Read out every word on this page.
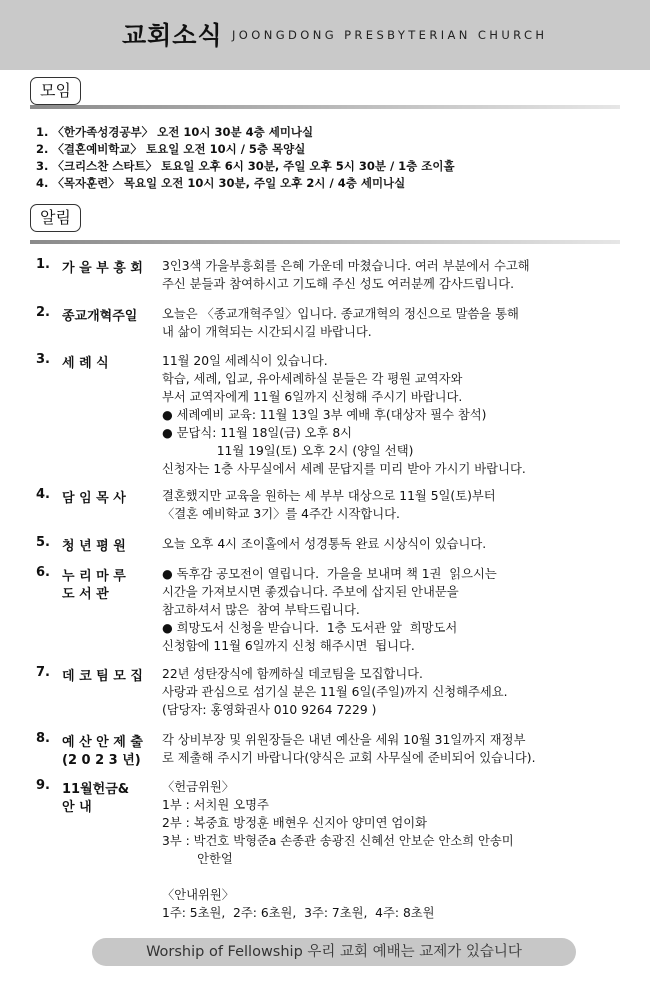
교회소식 JOONGDONG PRESBYTERIAN CHURCH
모임
1. 〈한가족성경공부〉 오전 10시 30분 4층 세미나실
2. 〈결혼예비학교〉 토요일 오전 10시 / 5층 목양실
3. 〈크리스찬 스타트〉 토요일 오후 6시 30분, 주일 오후 5시 30분 / 1층 조이홀
4. 〈목자훈련〉 목요일 오전 10시 30분, 주일 오후 2시 / 4층 세미나실
알림
1. 가 을 부 흥 회 3인3색 가을부흥회를 은혜 가운데 마쳤습니다. 여러 부분에서 수고해
주신 분들과 참여하시고 기도해 주신 성도 여러분께 감사드립니다.
2. 종교개혁주일 오늘은 〈종교개혁주일〉입니다. 종교개혁의 정신으로 말씀을 통해
내 삶이 개혁되는 시간되시길 바랍니다.
3. 세 례 식	11월 20일 세례식이 있습니다.
학습, 세례, 입교, 유아세례하실 분들은 각 평원 교역자와
부서 교역자에게 11월 6일까지 신청해 주시기 바랍니다.
● 세례예비 교육: 11월 13일 3부 예배 후(대상자 필수 참석)
● 문답식: 11월 18일(금) 오후 8시
11월 19일(토) 오후 2시 (양일 선택)
신청자는 1층 사무실에서 세례 문답지를 미리 받아 가시기 바랍니다.
4. 담 임 목 사	결혼했지만 교육을 원하는 세 부부 대상으로 11월 5일(토)부터
〈결혼 예비학교 3기〉를 4주간 시작합니다.
5. 청 년 평 원	오늘 오후 4시 조이홀에서 성경통독 완료 시상식이 있습니다.
6. 누 리 마 루
도 서 관
● 독후감 공모전이 열립니다.  가을을 보내며 책 1권  읽으시는
시간을 가져보시면 좋겠습니다. 주보에 삽지된 안내문을
참고하셔서 많은  참여 부탁드립니다.
● 희망도서 신청을 받습니다.  1층 도서관 앞  희망도서
신청함에 11월 6일까지 신청 해주시면  됩니다.
7. 데 코 팀 모 집 22년 성탄장식에 함께하실 데코팀을 모집합니다.
사랑과 관심으로 섬기실 분은 11월 6일(주일)까지 신청해주세요.
(담당자: 홍영화권사 010 9264 7229 )
8. 예 산 안 제 출
(2 0 2 3 년)
각 상비부장 및 위원장들은 내년 예산을 세워 10월 31일까지 재정부
로 제출해 주시기 바랍니다(양식은 교회 사무실에 준비되어 있습니다).
9. 11월헌금&
안 내
〈헌금위원〉
1부 : 서치원 오명주
2부 : 복중효 방정훈 배현우 신지아 양미연 엄이화
3부 : 박건호 박형준a 손종관 송광진 신혜선 안보순 안소희 안송미
안한얼

〈안내위원〉
1주: 5초원,  2주: 6초원,  3주: 7초원,  4주: 8초원
Worship of Fellowship 우리 교회 예배는 교제가 있습니다
